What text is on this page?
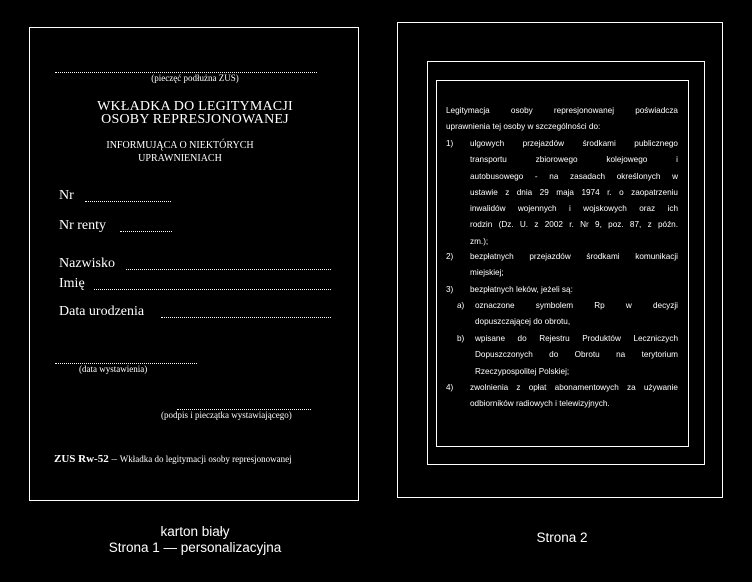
(pieczęć podłużna ZUS)
WKŁADKA DO LEGITYMACJI
OSOBY REPRESJONOWANEJ
INFORMUJĄCA O NIEKTÓRYCH
UPRAWNIENIACH
Nr
Nr renty
Nazwisko
Imię
Data urodzenia
(data wystawienia)
(podpis i pieczątka wystawiającego)
ZUS Rw-52 – Wkładka do legitymacji osoby represjonowanej
karton biały
Strona 1 — personalizacyjna

Legitymacja osoby represjonowanej poświadcza

uprawnienia tej osoby w szczególności do:

1) ulgowych przejazdów środkami publicznego

transportu zbiorowego kolejowego i

autobusowego - na zasadach określonych w

ustawie z dnia 29 maja 1974 r. o zaopatrzeniu

inwalidów wojennych i wojskowych oraz ich

rodzin (Dz. U. z 2002 r. Nr 9, poz. 87, z późn.

zm.);

2) bezpłatnych przejazdów środkami komunikacji

miejskiej;

3) bezpłatnych leków, jeżeli są:
a) oznaczone symbolem Rp w decyzji

dopuszczającej do obrotu,

b) wpisane do Rejestru Produktów Leczniczych

Dopuszczonych do Obrotu na terytorium

Rzeczypospolitej Polskiej;

4) zwolnienia z opłat abonamentowych za używanie

odbiorników radiowych i telewizyjnych.

Strona 2
